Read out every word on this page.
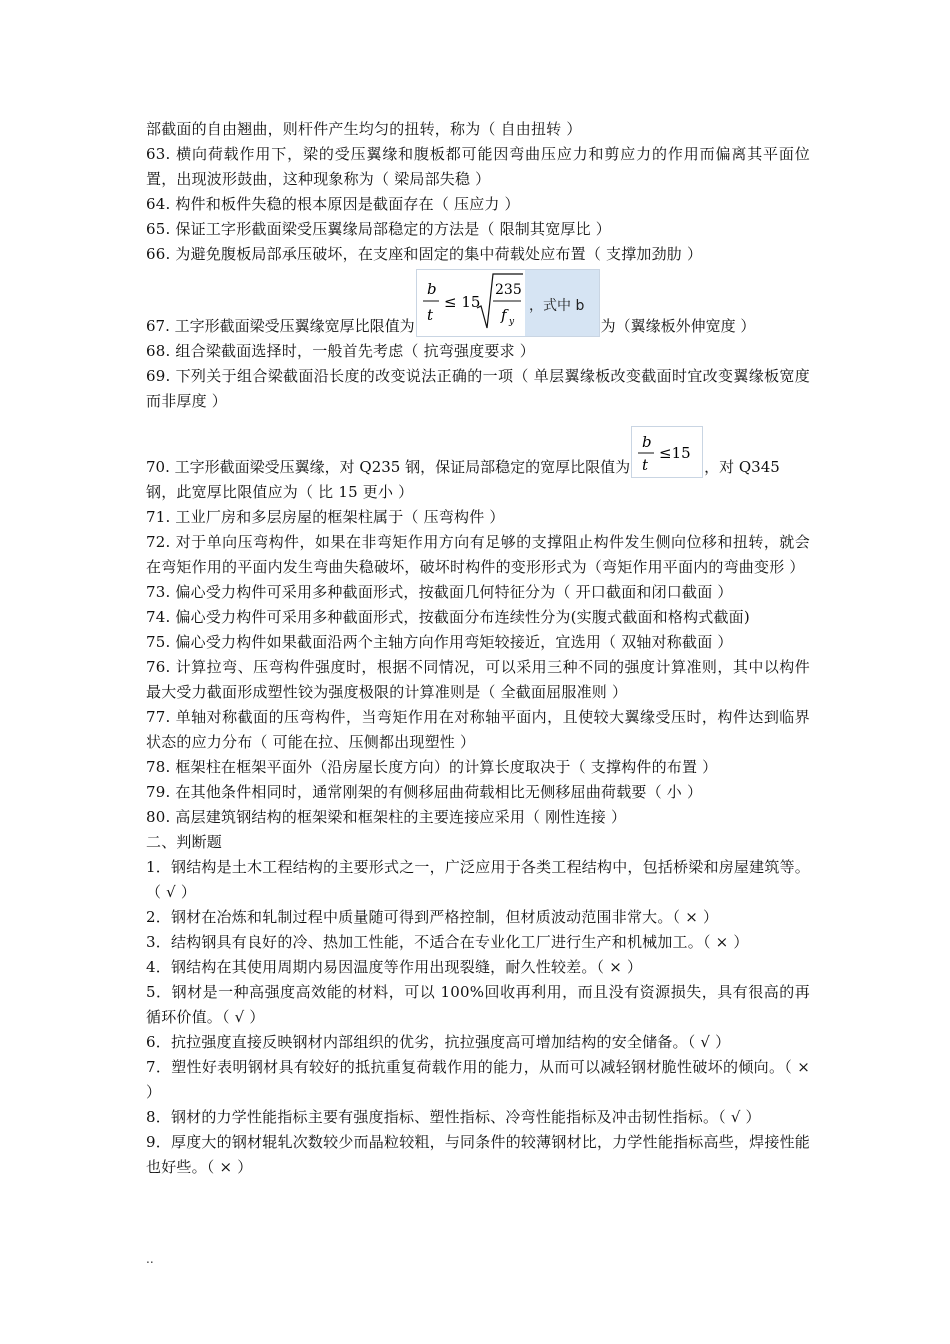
部截面的自由翘曲，则杆件产生均匀的扭转，称为（ 自由扭转 ）

63. 横向荷载作用下，梁的受压翼缘和腹板都可能因弯曲压应力和剪应力的作用而偏离其平面位置，出现波形鼓曲，这种现象称为（ 梁局部失稳 ）

64. 构件和板件失稳的根本原因是截面存在（ 压应力 ）

65. 保证工字形截面梁受压翼缘局部稳定的方法是（ 限制其宽厚比 ）

66. 为避免腹板局部承压破坏，在支座和固定的集中荷载处应布置（ 支撑加劲肋 ）

67. 工字形截面梁受压翼缘宽厚比限值为
b
t
≤ 15
235
f y
，式中 b
为（翼缘板外伸宽度 ）

68. 组合梁截面选择时，一般首先考虑（ 抗弯强度要求 ）

69. 下列关于组合梁截面沿长度的改变说法正确的一项（ 单层翼缘板改变截面时宜改变翼缘板宽度而非厚度 ）

70. 工字形截面梁受压翼缘，对 Q235 钢，保证局部稳定的宽厚比限值为
b
t
≤15
，对 Q345

钢，此宽厚比限值应为（ 比 15 更小 ）

71. 工业厂房和多层房屋的框架柱属于（ 压弯构件 ）

72. 对于单向压弯构件，如果在非弯矩作用方向有足够的支撑阻止构件发生侧向位移和扭转，就会在弯矩作用的平面内发生弯曲失稳破坏，破坏时构件的变形形式为（弯矩作用平面内的弯曲变形 ）

73. 偏心受力构件可采用多种截面形式，按截面几何特征分为（ 开口截面和闭口截面 ）

74. 偏心受力构件可采用多种截面形式，按截面分布连续性分为(实腹式截面和格构式截面)

75. 偏心受力构件如果截面沿两个主轴方向作用弯矩较接近，宜选用（ 双轴对称截面 ）

76. 计算拉弯、压弯构件强度时，根据不同情况，可以采用三种不同的强度计算准则，其中以构件最大受力截面形成塑性铰为强度极限的计算准则是（ 全截面屈服准则 ）

77. 单轴对称截面的压弯构件，当弯矩作用在对称轴平面内，且使较大翼缘受压时，构件达到临界状态的应力分布（ 可能在拉、压侧都出现塑性 ）

78. 框架柱在框架平面外（沿房屋长度方向）的计算长度取决于（ 支撑构件的布置 ）

79. 在其他条件相同时，通常刚架的有侧移屈曲荷载相比无侧移屈曲荷载要（ 小 ）

80. 高层建筑钢结构的框架梁和框架柱的主要连接应采用（ 刚性连接 ）

二、判断题

1．钢结构是土木工程结构的主要形式之一，广泛应用于各类工程结构中，包括桥梁和房屋建筑等。（ √ ）

2．钢材在冶炼和轧制过程中质量随可得到严格控制，但材质波动范围非常大。（ × ）

3．结构钢具有良好的冷、热加工性能，不适合在专业化工厂进行生产和机械加工。（ × ）

4．钢结构在其使用周期内易因温度等作用出现裂缝，耐久性较差。（ × ）

5．钢材是一种高强度高效能的材料，可以 100%回收再利用，而且没有资源损失，具有很高的再循环价值。（ √ ）

6．抗拉强度直接反映钢材内部组织的优劣，抗拉强度高可增加结构的安全储备。（ √ ）

7．塑性好表明钢材具有较好的抵抗重复荷载作用的能力，从而可以减轻钢材脆性破坏的倾向。（ × ）

8．钢材的力学性能指标主要有强度指标、塑性指标、冷弯性能指标及冲击韧性指标。（ √ ）

9．厚度大的钢材辊轧次数较少而晶粒较粗，与同条件的较薄钢材比，力学性能指标高些，焊接性能也好些。（ × ）

..
